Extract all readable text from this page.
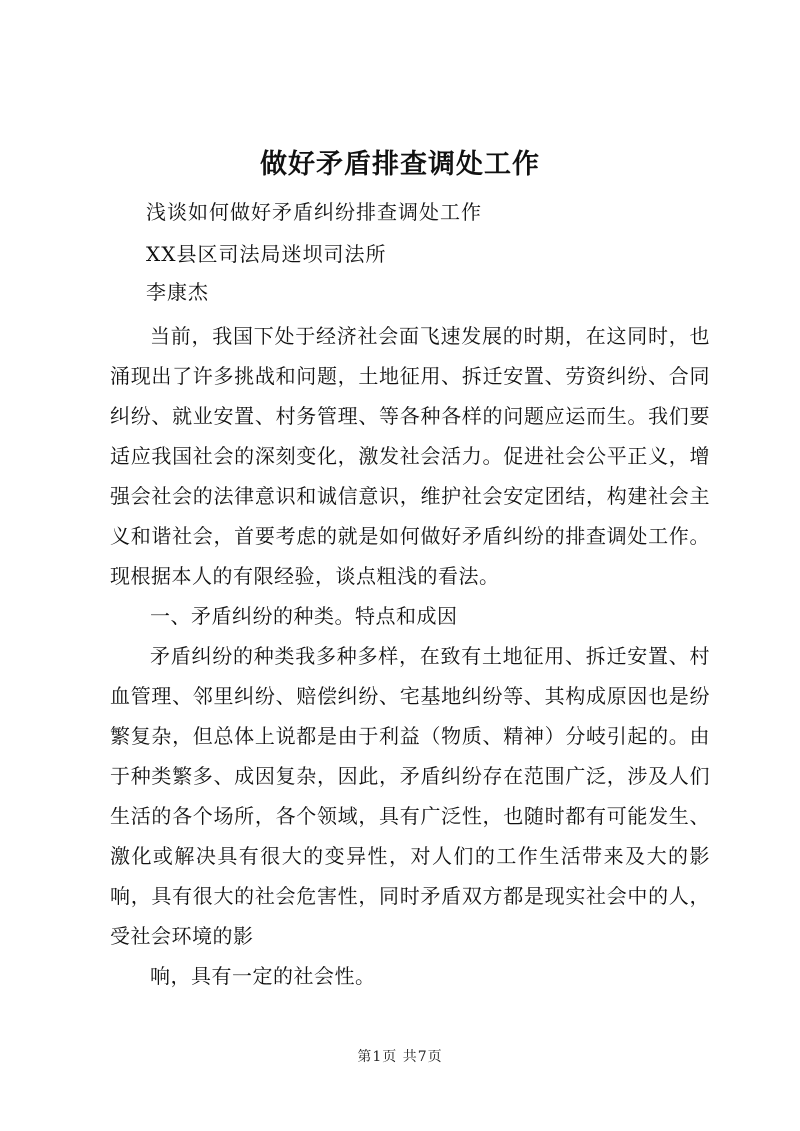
做好矛盾排查调处工作
浅谈如何做好矛盾纠纷排查调处工作
XX县区司法局迷坝司法所
李康杰

当前，我国下处于经济社会面飞速发展的时期，在这同时，也涌现出了许多挑战和问题，土地征用、拆迁安置、劳资纠纷、合同纠纷、就业安置、村务管理、等各种各样的问题应运而生。我们要适应我国社会的深刻变化，激发社会活力。促进社会公平正义，增强会社会的法律意识和诚信意识，维护社会安定团结，构建社会主义和谐社会，首要考虑的就是如何做好矛盾纠纷的排查调处工作。现根据本人的有限经验，谈点粗浅的看法。

一、矛盾纠纷的种类。特点和成因

矛盾纠纷的种类我多种多样，在致有土地征用、拆迁安置、村血管理、邻里纠纷、赔偿纠纷、宅基地纠纷等、其构成原因也是纷繁复杂，但总体上说都是由于利益（物质、精神）分岐引起的。由于种类繁多、成因复杂，因此，矛盾纠纷存在范围广泛，涉及人们生活的各个场所，各个领域，具有广泛性，也随时都有可能发生、激化或解决具有很大的变异性，对人们的工作生活带来及大的影响，具有很大的社会危害性，同时矛盾双方都是现实社会中的人，受社会环境的影

响，具有一定的社会性。

第1页 共7页
